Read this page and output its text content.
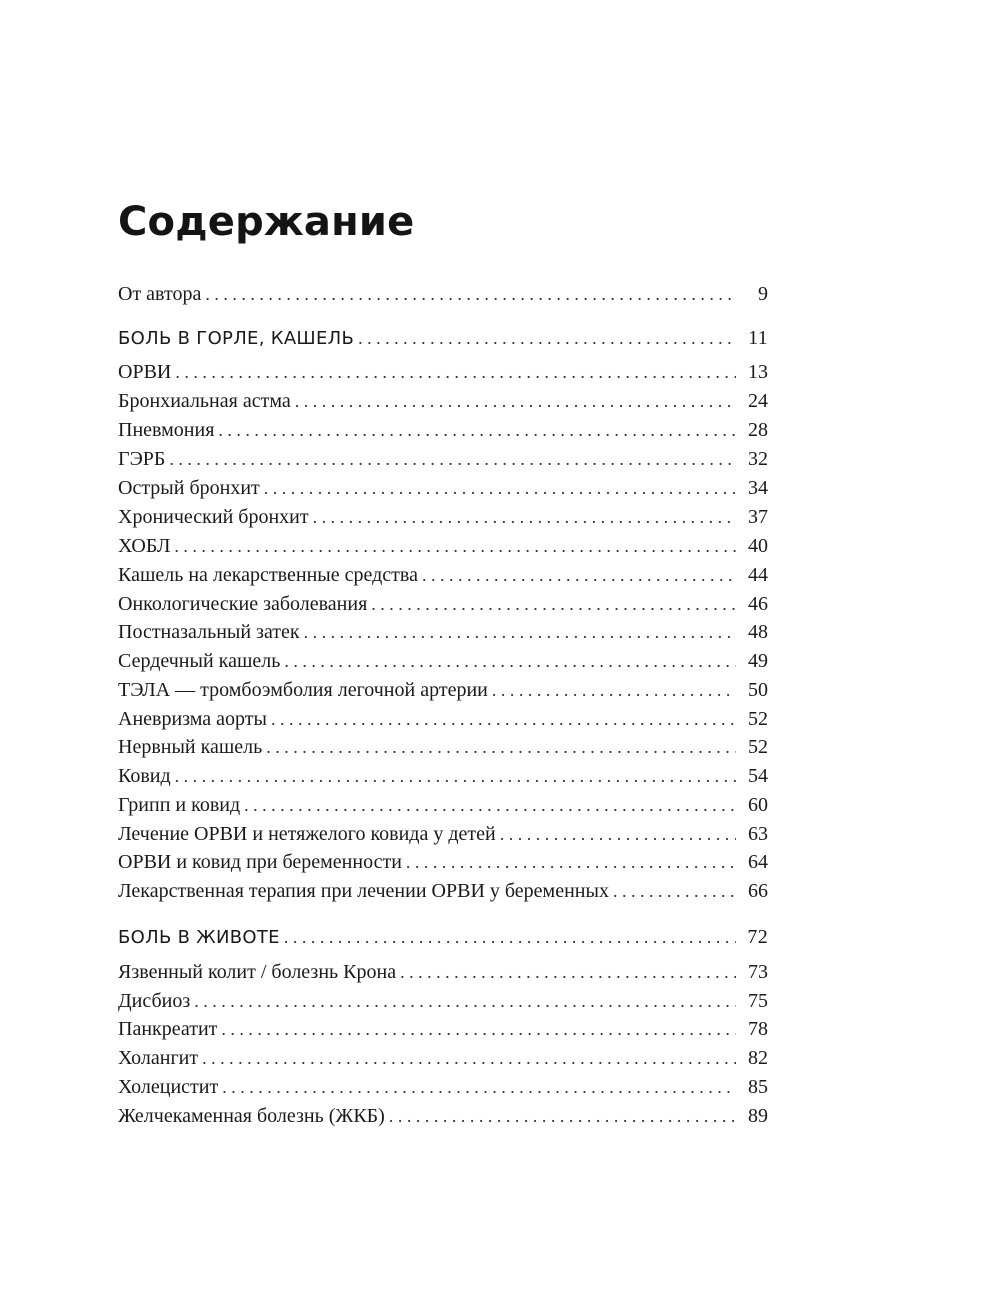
Содержание
От автора . . .	9
БОЛЬ В ГОРЛЕ, КАШЕЛЬ . . .	11
ОРВИ . . .	13
Бронхиальная астма . . .	24
Пневмония . . .	28
ГЭРБ . . .	32
Острый бронхит . . .	34
Хронический бронхит . . .	37
ХОБЛ . . .	40
Кашель на лекарственные средства . . .	44
Онкологические заболевания . . .	46
Постназальный затек . . .	48
Сердечный кашель . . .	49
ТЭЛА — тромбоэмболия легочной артерии . . .	50
Аневризма аорты . . .	52
Нервный кашель . . .	52
Ковид . . .	54
Грипп и ковид . . .	60
Лечение ОРВИ и нетяжелого ковида у детей . . .	63
ОРВИ и ковид при беременности . . .	64
Лекарственная терапия при лечении ОРВИ у беременных . . .	66
БОЛЬ В ЖИВОТЕ . . .	72
Язвенный колит / болезнь Крона . . .	73
Дисбиоз . . .	75
Панкреатит . . .	78
Холангит . . .	82
Холецистит . . .	85
Желчекаменная болезнь (ЖКБ) . . .	89
